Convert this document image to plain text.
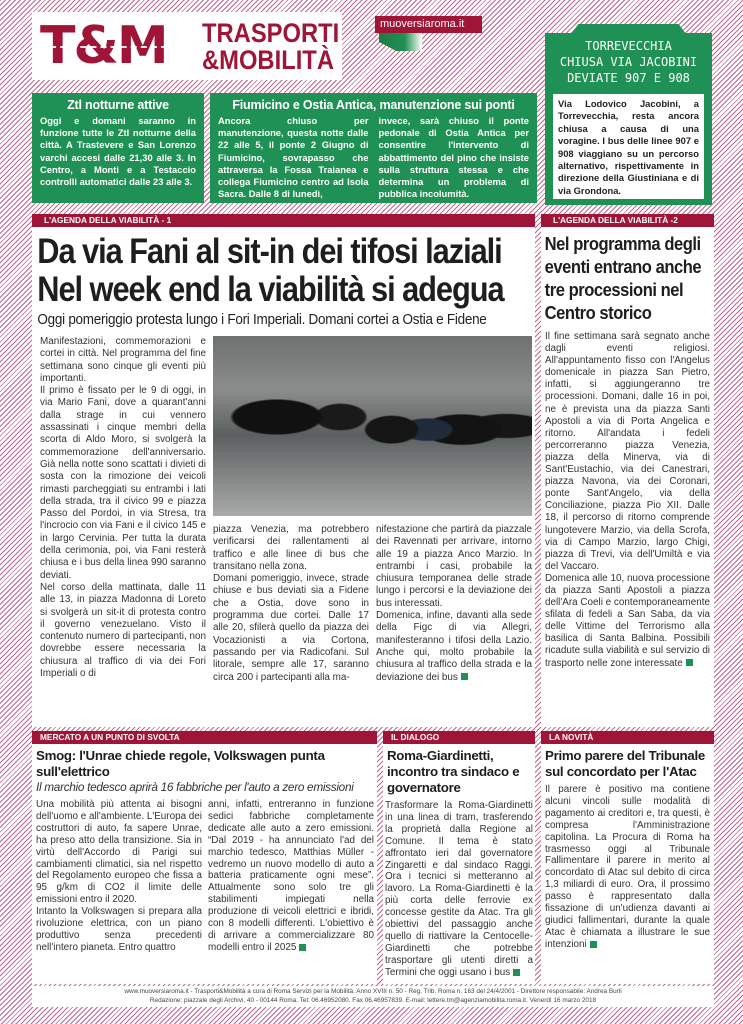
T&M TRASPORTI
&MOBILITÀ
muoversiaroma.it
TORREVECCHIA
CHIUSA VIA JACOBINI
DEVIATE 907 E 908
Via Lodovico Jacobini, a Torrevecchia, resta ancora chiusa a causa di una voragine. I bus delle linee 907 e 908 viaggiano su un percorso alternativo, rispettivamente in direzione della Giustiniana e di via Grondona.
Ztl notturne attive

Oggi e domani saranno in funzione tutte le Ztl notturne della città. A Trastevere e San Lorenzo varchi accesi dalle 21,30 alle 3. In Centro, a Monti e a Testaccio controlli automatici dalle 23 alle 3.

Fiumicino e Ostia Antica, manutenzione sui ponti

Ancora chiuso per manutenzione, questa notte dalle 22 alle 5, il ponte 2 Giugno di Fiumicino, sovrapasso che attraversa la Fossa Traianea e collega Fiumicino centro ad Isola Sacra. Dalle 8 di lunedì,

invece, sarà chiuso il ponte pedonale di Ostia Antica per consentire l'intervento di abbattimento del pino che insiste sulla struttura stessa e che determina un problema di pubblica incolumità.

L'AGENDA DELLA VIABILITÀ - 1
Da via Fani al sit-in dei tifosi laziali
Nel week end la viabilità si adegua
Oggi pomeriggio protesta lungo i Fori Imperiali. Domani cortei a Ostia e Fidene

Manifestazioni, commemorazioni e cortei in città. Nel programma del fine settimana sono cinque gli eventi più importanti.

Il primo è fissato per le 9 di oggi, in via Mario Fani, dove a quarant'anni dalla strage in cui vennero assassinati i cinque membri della scorta di Aldo Moro, si svolgerà la commemorazione dell'anniversario. Già nella notte sono scattati i divieti di sosta con la rimozione dei veicoli rimasti parcheggiati su entrambi i lati della strada, tra il civico 99 e piazza Passo del Pordoi, in via Stresa, tra l'incrocio con via Fani e il civico 145 e in largo Cervinia. Per tutta la durata della cerimonia, poi, via Fani resterà chiusa e i bus della linea 990 saranno deviati.

Nel corso della mattinata, dalle 11 alle 13, in piazza Madonna di Loreto si svolgerà un sit-it di protesta contro il governo venezuelano. Visto il contenuto numero di partecipanti, non dovrebbe essere necessaria la chiusura al traffico di via dei Fori Imperiali o di

piazza Venezia, ma potrebbero verificarsi dei rallentamenti al traffico e alle linee di bus che transitano nella zona.

Domani pomeriggio, invece, strade chiuse e bus deviati sia a Fidene che a Ostia, dove sono in programma due cortei. Dalle 17 alle 20, sfilerà quello da piazza dei Vocazionisti a via Cortona, passando per via Radicofani. Sul litorale, sempre alle 17, saranno circa 200 i partecipanti alla ma-

nifestazione che partirà da piazzale dei Ravennati per arrivare, intorno alle 19 a piazza Anco Marzio. In entrambi i casi, probabile la chiusura temporanea delle strade lungo i percorsi e la deviazione dei bus interessati.

Domenica, infine, davanti alla sede della Figc di via Allegri, manifesteranno i tifosi della Lazio. Anche qui, molto probabile la chiusura al traffico della strada e la deviazione dei bus

L'AGENDA DELLA VIABILITÀ -2
Nel programma degli eventi entrano anche tre processioni nel Centro storico

Il fine settimana sarà segnato anche dagli eventi religiosi. All'appuntamento fisso con l'Angelus domenicale in piazza San Pietro, infatti, si aggiungeranno tre processioni. Domani, dalle 16 in poi, ne è prevista una da piazza Santi Apostoli a via di Porta Angelica e ritorno. All'andata i fedeli percorreranno piazza Venezia, piazza della Minerva, via di Sant'Eustachio, via dei Canestrari, piazza Navona, via dei Coronari, ponte Sant'Angelo, via della Conciliazione, piazza Pio XII. Dalle 18, il percorso di ritorno comprende lungotevere Marzio, via della Scrofa, via di Campo Marzio, largo Chigi, piazza di Trevi, via dell'Umiltà e via del Vaccaro.

Domenica alle 10, nuova processione da piazza Santi Apostoli a piazza dell'Ara Coeli e contemporaneamente sfilata di fedeli a San Saba, da via delle Vittime del Terrorismo alla basilica di Santa Balbina. Possibili ricadute sulla viabilità e sul servizio di trasporto nelle zone interessate

MERCATO A UN PUNTO DI SVOLTA
Smog: l'Unrae chiede regole, Volkswagen punta sull'elettrico
Il marchio tedesco aprirà 16 fabbriche per l'auto a zero emissioni

Una mobilità più attenta ai bisogni dell'uomo e all'ambiente. L'Europa dei costruttori di auto, fa sapere Unrae, ha preso atto della transizione. Sia in virtù dell'Accordo di Parigi sui cambiamenti climatici, sia nel rispetto del Regolamento europeo che fissa a 95 g/km di CO2 il limite delle emissioni entro il 2020.

Intanto la Volkswagen si prepara alla rivoluzione elettrica, con un piano produttivo senza precedenti nell'intero pianeta. Entro quattro

anni, infatti, entreranno in funzione sedici fabbriche completamente dedicate alle auto a zero emissioni. “Dal 2019 - ha annunciato l'ad del marchio tedesco, Matthias Müller - vedremo un nuovo modello di auto a batteria praticamente ogni mese”. Attualmente sono solo tre gli stabilimenti impiegati nella produzione di veicoli elettrici e ibridi, con 8 modelli differenti. L'obiettivo è di arrivare a commercializzare 80 modelli entro il 2025

IL DIALOGO
Roma-Giardinetti, incontro tra sindaco e governatore

Trasformare la Roma-Giardinetti in una linea di tram, trasferendo la proprietà dalla Regione al Comune. Il tema è stato affrontato ieri dal governatore Zingaretti e dal sindaco Raggi. Ora i tecnici si metteranno al lavoro. La Roma-Giardinetti è la più corta delle ferrovie ex concesse gestite da Atac. Tra gli obiettivi del passaggio anche quello di riattivare la Centocelle-Giardinetti che potrebbe trasportare gli utenti diretti a Termini che oggi usano i bus

LA NOVITÀ
Primo parere del Tribunale sul concordato per l'Atac

Il parere è positivo ma contiene alcuni vincoli sulle modalità di pagamento ai creditori e, tra questi, è compresa l'Amministrazione capitolina. La Procura di Roma ha trasmesso oggi al Tribunale Fallimentare il parere in merito al concordato di Atac sul debito di circa 1,3 miliardi di euro. Ora, il prossimo passo è rappresentato dalla fissazione di un'udienza davanti ai giudici fallimentari, durante la quale Atac è chiamata a illustrare le sue intenzioni

www.muoversiaroma.it - Trasporti&Mobilità a cura di Roma Servizi per la Mobilità. Anno XVIII n. 50 - Reg. Trib. Roma n. 163 del 24/4/2001 - Direttore responsabile: Andrea Burli
Redazione: piazzale degli Archivi, 40 - 00144 Roma. Tel: 06.46952080. Fax 06.46957839. E-mail: lettere.tm@agenziamobilita.roma.it. Venerdì 16 marzo 2018
